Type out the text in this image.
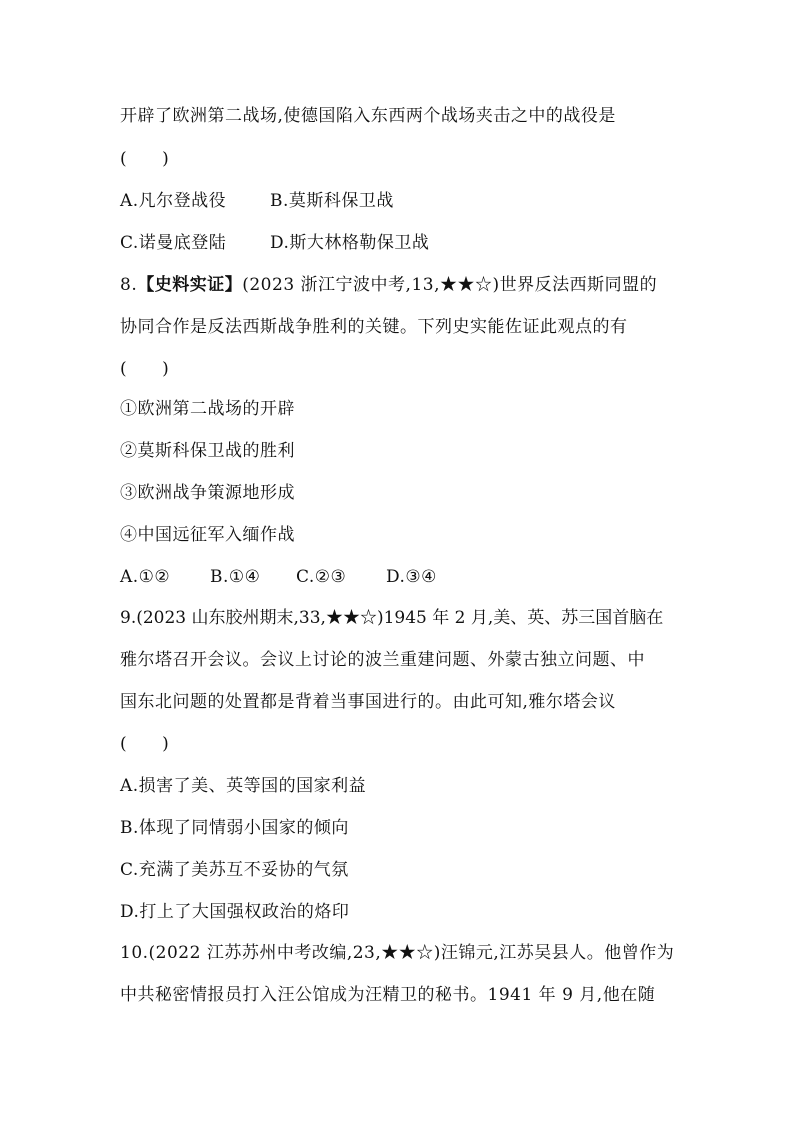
开辟了欧洲第二战场,使德国陷入东西两个战场夹击之中的战役是
(　　)
A.凡尔登战役	B.莫斯科保卫战
C.诺曼底登陆	D.斯大林格勒保卫战
8.【史料实证】(2023 浙江宁波中考,13,★★☆)世界反法西斯同盟的
协同合作是反法西斯战争胜利的关键。下列史实能佐证此观点的有
(　　)
①欧洲第二战场的开辟
②莫斯科保卫战的胜利
③欧洲战争策源地形成
④中国远征军入缅作战
A.①②	B.①④	C.②③	D.③④
9.(2023 山东胶州期末,33,★★☆)1945 年 2 月,美、英、苏三国首脑在
雅尔塔召开会议。会议上讨论的波兰重建问题、外蒙古独立问题、中
国东北问题的处置都是背着当事国进行的。由此可知,雅尔塔会议
(　　)
A.损害了美、英等国的国家利益
B.体现了同情弱小国家的倾向
C.充满了美苏互不妥协的气氛
D.打上了大国强权政治的烙印
10.(2022 江苏苏州中考改编,23,★★☆)汪锦元,江苏吴县人。他曾作为
中共秘密情报员打入汪公馆成为汪精卫的秘书。1941 年 9 月,他在随
